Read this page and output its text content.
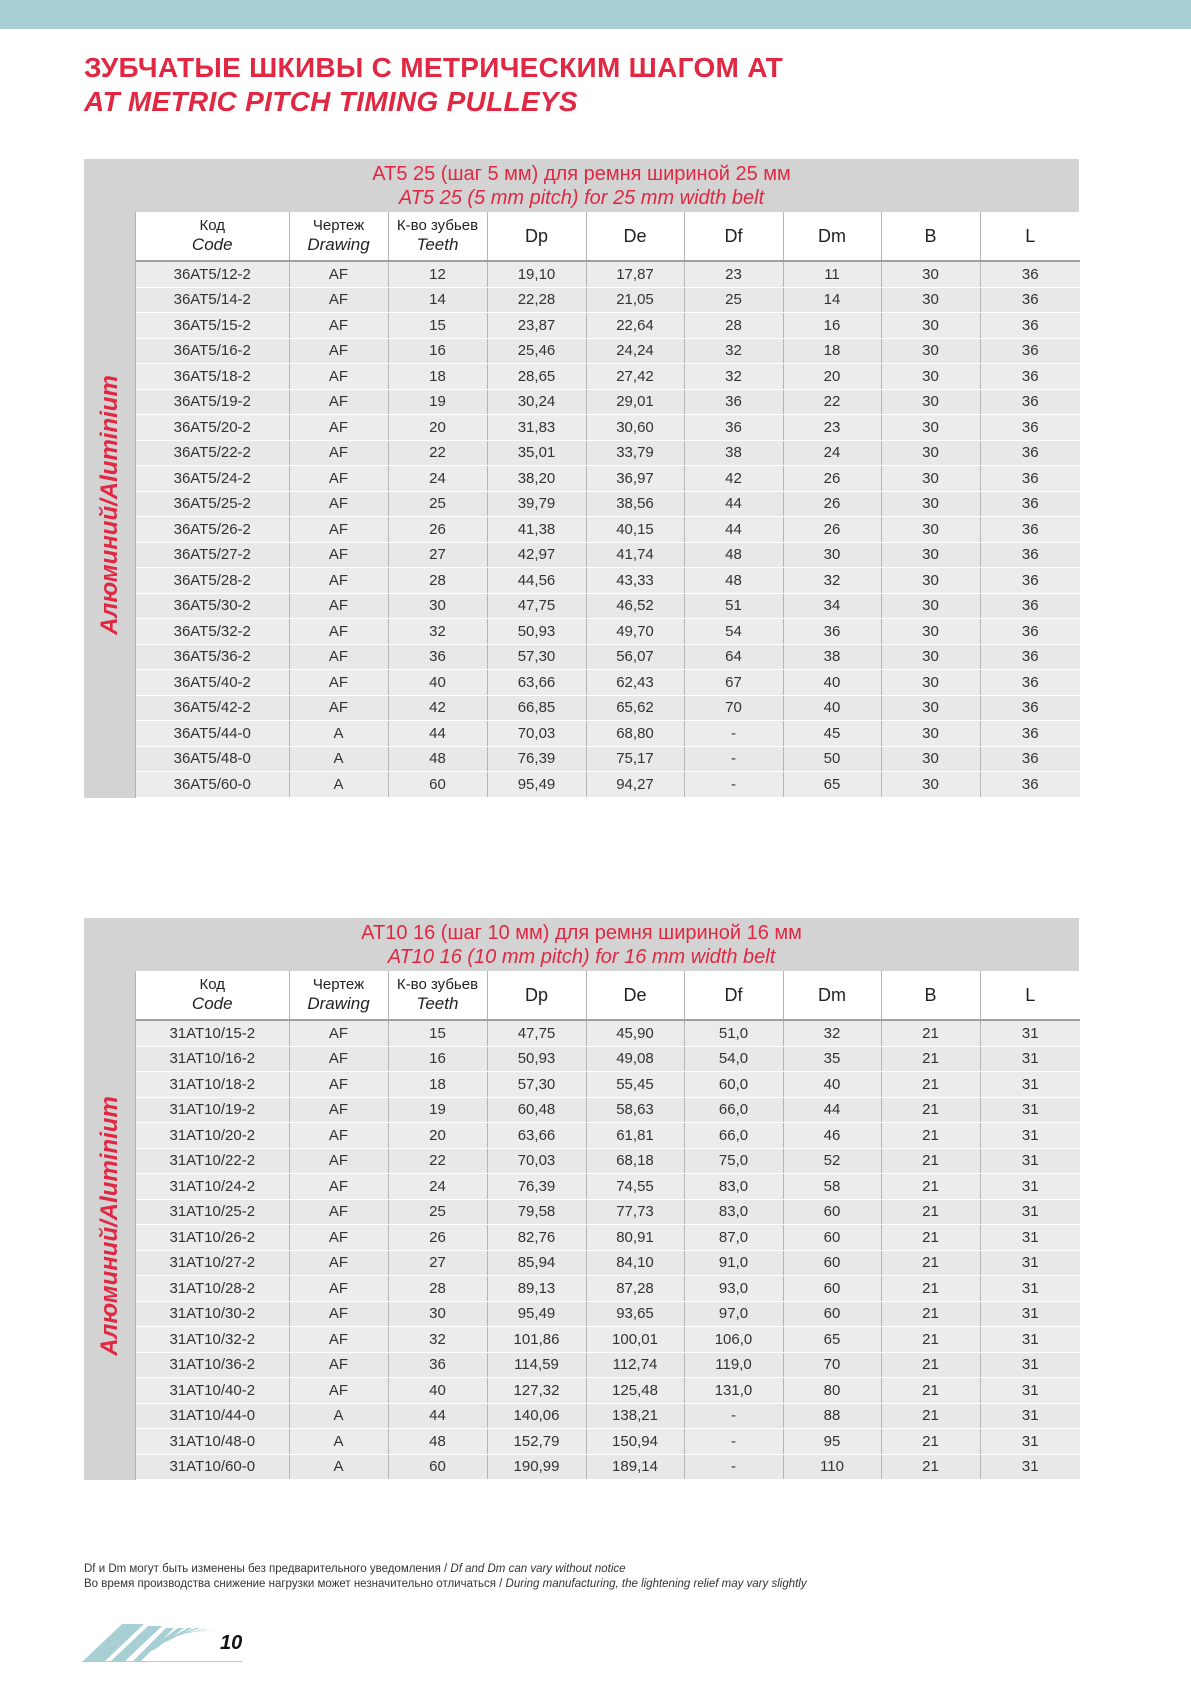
ЗУБЧАТЫЕ ШКИВЫ С МЕТРИЧЕСКИМ ШАГОМ AT
AT METRIC PITCH TIMING PULLEYS
AT5 25 (шаг 5 мм) для ремня шириной 25 мм
AT5 25 (5 mm pitch) for 25 mm width belt
Алюминий/Aluminium
Код
Code	Чертеж
Drawing	К-во зубьев
Teeth	Dp	De	Df	Dm	B	L
36AT5/12-2	AF	12	19,10	17,87	23	11	30	36
36AT5/14-2	AF	14	22,28	21,05	25	14	30	36
36AT5/15-2	AF	15	23,87	22,64	28	16	30	36
36AT5/16-2	AF	16	25,46	24,24	32	18	30	36
36AT5/18-2	AF	18	28,65	27,42	32	20	30	36
36AT5/19-2	AF	19	30,24	29,01	36	22	30	36
36AT5/20-2	AF	20	31,83	30,60	36	23	30	36
36AT5/22-2	AF	22	35,01	33,79	38	24	30	36
36AT5/24-2	AF	24	38,20	36,97	42	26	30	36
36AT5/25-2	AF	25	39,79	38,56	44	26	30	36
36AT5/26-2	AF	26	41,38	40,15	44	26	30	36
36AT5/27-2	AF	27	42,97	41,74	48	30	30	36
36AT5/28-2	AF	28	44,56	43,33	48	32	30	36
36AT5/30-2	AF	30	47,75	46,52	51	34	30	36
36AT5/32-2	AF	32	50,93	49,70	54	36	30	36
36AT5/36-2	AF	36	57,30	56,07	64	38	30	36
36AT5/40-2	AF	40	63,66	62,43	67	40	30	36
36AT5/42-2	AF	42	66,85	65,62	70	40	30	36
36AT5/44-0	A	44	70,03	68,80	-	45	30	36
36AT5/48-0	A	48	76,39	75,17	-	50	30	36
36AT5/60-0	A	60	95,49	94,27	-	65	30	36
AT10 16 (шаг 10 мм) для ремня шириной 16 мм
AT10 16 (10 mm pitch) for 16 mm width belt
Алюминий/Aluminium
Код
Code	Чертеж
Drawing	К-во зубьев
Teeth	Dp	De	Df	Dm	B	L
31AT10/15-2	AF	15	47,75	45,90	51,0	32	21	31
31AT10/16-2	AF	16	50,93	49,08	54,0	35	21	31
31AT10/18-2	AF	18	57,30	55,45	60,0	40	21	31
31AT10/19-2	AF	19	60,48	58,63	66,0	44	21	31
31AT10/20-2	AF	20	63,66	61,81	66,0	46	21	31
31AT10/22-2	AF	22	70,03	68,18	75,0	52	21	31
31AT10/24-2	AF	24	76,39	74,55	83,0	58	21	31
31AT10/25-2	AF	25	79,58	77,73	83,0	60	21	31
31AT10/26-2	AF	26	82,76	80,91	87,0	60	21	31
31AT10/27-2	AF	27	85,94	84,10	91,0	60	21	31
31AT10/28-2	AF	28	89,13	87,28	93,0	60	21	31
31AT10/30-2	AF	30	95,49	93,65	97,0	60	21	31
31AT10/32-2	AF	32	101,86	100,01	106,0	65	21	31
31AT10/36-2	AF	36	114,59	112,74	119,0	70	21	31
31AT10/40-2	AF	40	127,32	125,48	131,0	80	21	31
31AT10/44-0	A	44	140,06	138,21	-	88	21	31
31AT10/48-0	A	48	152,79	150,94	-	95	21	31
31AT10/60-0	A	60	190,99	189,14	-	110	21	31
Df и Dm могут быть изменены без предварительного уведомления / Df and Dm can vary without notice
Во время производства снижение нагрузки может незначительно отличаться / During manufacturing, the lightening relief may vary slightly
10
